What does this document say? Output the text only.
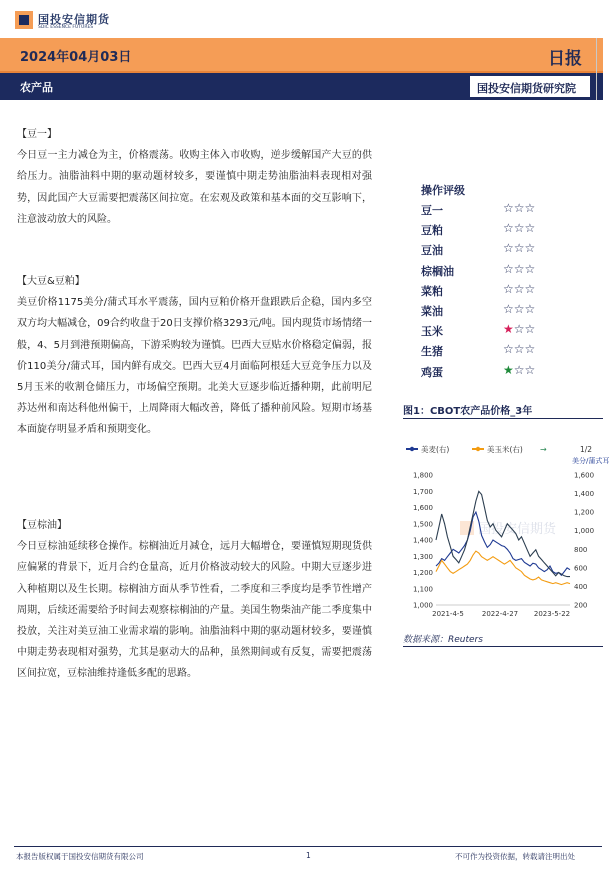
国投安信期货
SDIC ESSENCE FUTURES
2024年04月03日	日报
农产品	国投安信期货研究院
【豆一】

今日豆一主力减仓为主，价格震荡。收购主体入市收购，逆步缓解国产大豆的供给压力。油脂油料中期的驱动题材较多，要谨慎中期走势油脂油料表现相对强势，因此国产大豆需要把震荡区间拉宽。在宏观及政策和基本面的交互影响下，注意波动放大的风险。

【大豆&豆粕】

美豆价格1175美分/蒲式耳水平震荡，国内豆粕价格开盘跟跌后企稳，国内多空双方均大幅减仓，09合约收盘于20日支撑价格3293元/吨。国内现货市场情绪一般，4、5月到港预期偏高，下游采购较为谨慎。巴西大豆贴水价格稳定偏弱，报价110美分/蒲式耳，国内鲜有成交。巴西大豆4月面临阿根廷大豆竞争压力以及5月玉米的收割仓储压力，市场偏空预期。北美大豆逐步临近播种期，此前明尼苏达州和南达科他州偏干，上周降雨大幅改善，降低了播种前风险。短期市场基本面旋存明显矛盾和预期变化。

【豆棕油】

今日豆棕油延续移仓操作。棕榈油近月减仓，远月大幅增仓，要谨慎短期现货供应偏紧的背景下，近月合约仓量高，近月价格波动较大的风险。中期大豆逐步进入种植期以及生长期。棕榈油方面从季节性看，二季度和三季度均是季节性增产周期，后续还需要给予时间去观察棕榈油的产量。美国生物柴油产能二季度集中投放，关注对美豆油工业需求端的影响。油脂油料中期的驱动题材较多，要谨慎中期走势表现相对强势，尤其是驱动大的品种，虽然期间或有反复，需要把震荡区间拉宽，豆棕油维持逢低多配的思路。

操作评级
豆一	☆☆☆
豆粕	☆☆☆
豆油	☆☆☆
棕榈油	☆☆☆
菜粕	☆☆☆
菜油	☆☆☆
玉米	★☆☆
生猪	☆☆☆
鸡蛋	★☆☆
图1：CBOT农产品价格_3年
美麦(右)	美玉米(右) →	1/2
美分/蒲式耳
国投安信期货
1,800
1,700
1,600
1,500
1,400
1,300
1,200
1,100
1,000
1,600
1,400
1,200
1,000
800
600
400
200
2021-4-5	2022-4-27 2023-5-22
数据来源：Reuters
本报告版权属于国投安信期货有限公司	1	不可作为投资依据，转载请注明出处
